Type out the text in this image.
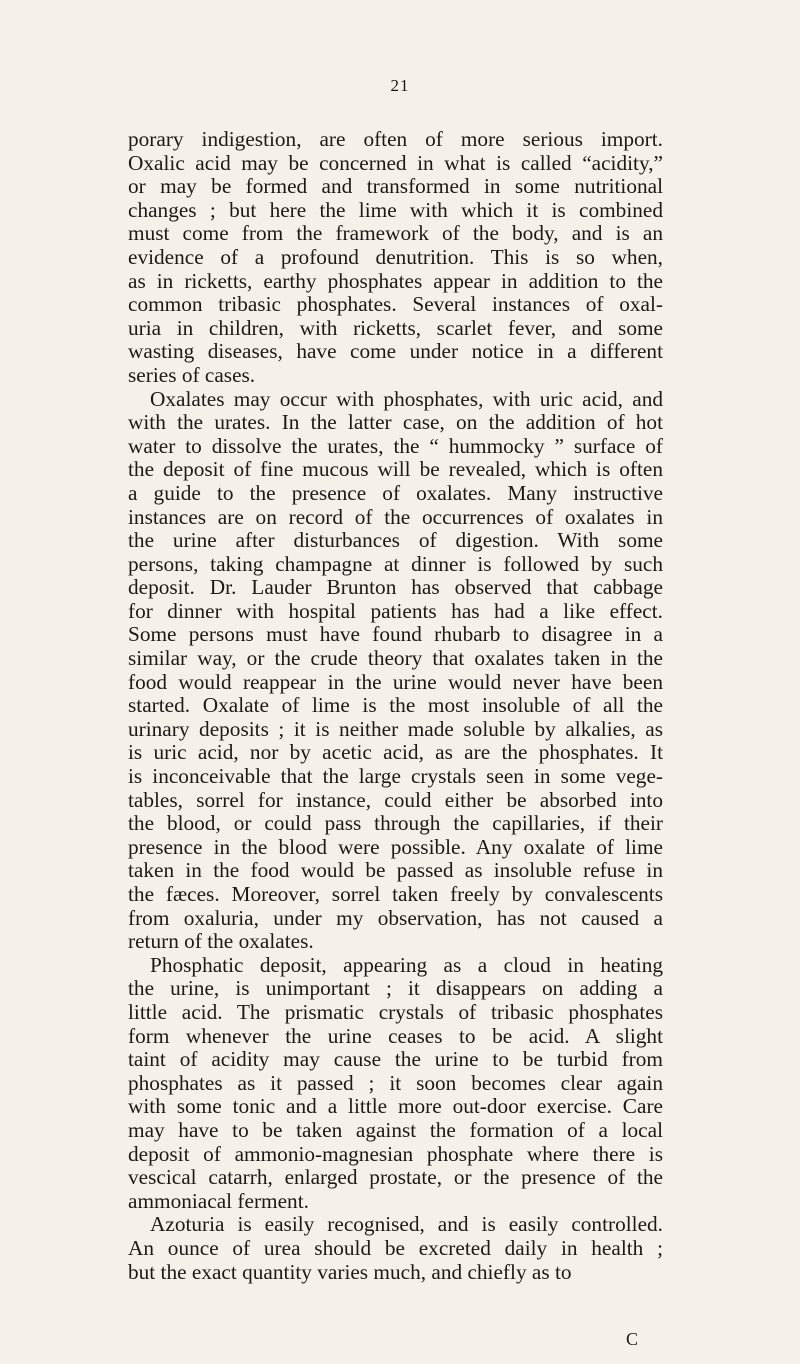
21
porary indigestion, are often of more serious import.
Oxalic acid may be concerned in what is called “acidity,”
or may be formed and transformed in some nutritional
changes ; but here the lime with which it is combined
must come from the framework of the body, and is an
evidence of a profound denutrition. This is so when,
as in ricketts, earthy phosphates appear in addition to the
common tribasic phosphates. Several instances of oxal-
uria in children, with ricketts, scarlet fever, and some
wasting diseases, have come under notice in a different
series of cases.
Oxalates may occur with phosphates, with uric acid, and
with the urates. In the latter case, on the addition of hot
water to dissolve the urates, the “ hummocky ” surface of
the deposit of fine mucous will be revealed, which is often
a guide to the presence of oxalates. Many instructive
instances are on record of the occurrences of oxalates in
the urine after disturbances of digestion. With some
persons, taking champagne at dinner is followed by such
deposit. Dr. Lauder Brunton has observed that cabbage
for dinner with hospital patients has had a like effect.
Some persons must have found rhubarb to disagree in a
similar way, or the crude theory that oxalates taken in the
food would reappear in the urine would never have been
started. Oxalate of lime is the most insoluble of all the
urinary deposits ; it is neither made soluble by alkalies, as
is uric acid, nor by acetic acid, as are the phosphates. It
is inconceivable that the large crystals seen in some vege-
tables, sorrel for instance, could either be absorbed into
the blood, or could pass through the capillaries, if their
presence in the blood were possible. Any oxalate of lime
taken in the food would be passed as insoluble refuse in
the fæces. Moreover, sorrel taken freely by convalescents
from oxaluria, under my observation, has not caused a
return of the oxalates.
Phosphatic deposit, appearing as a cloud in heating
the urine, is unimportant ; it disappears on adding a
little acid. The prismatic crystals of tribasic phosphates
form whenever the urine ceases to be acid. A slight
taint of acidity may cause the urine to be turbid from
phosphates as it passed ; it soon becomes clear again
with some tonic and a little more out-door exercise. Care
may have to be taken against the formation of a local
deposit of ammonio-magnesian phosphate where there is
vescical catarrh, enlarged prostate, or the presence of the
ammoniacal ferment.
Azoturia is easily recognised, and is easily controlled.
An ounce of urea should be excreted daily in health ;
but the exact quantity varies much, and chiefly as to
C
